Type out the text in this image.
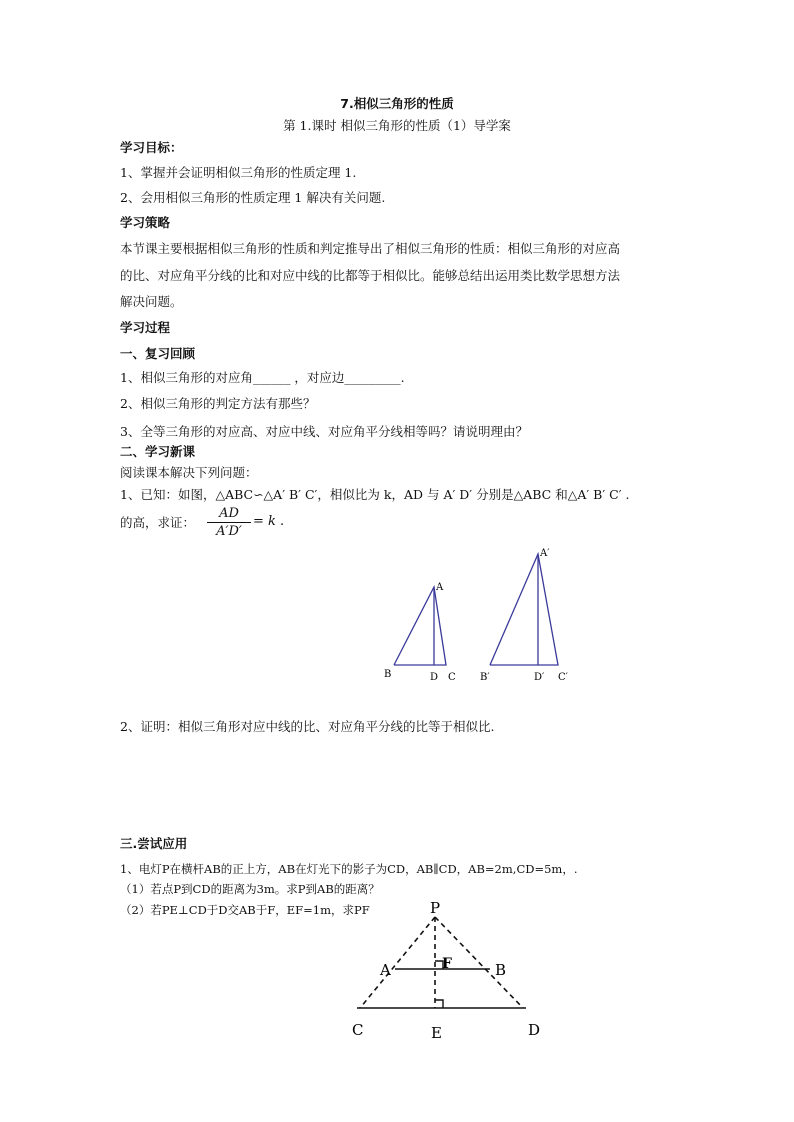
7.相似三角形的性质
第 1.课时 相似三角形的性质（1）导学案
学习目标：
1、掌握并会证明相似三角形的性质定理 1.
2、会用相似三角形的性质定理 1 解决有关问题.
学习策略
本节课主要根据相似三角形的性质和判定推导出了相似三角形的性质：相似三角形的对应高
的比、对应角平分线的比和对应中线的比都等于相似比。能够总结出运用类比数学思想方法
解决问题。
学习过程
一、复习回顾
1、相似三角形的对应角______ ，对应边_________.
2、相似三角形的判定方法有那些？
3、全等三角形的对应高、对应中线、对应角平分线相等吗？请说明理由？
二、学习新课
阅读课本解决下列问题：
1、已知：如图，△ABC∽△A′ B′ C′，相似比为 k，AD 与 A′ D′ 分别是△ABC 和△A′ B′ C′ .
的高，求证： $\frac{AD}{A'D'} = k$ .
A
B	D C
A′
B′	D′ C′
2、证明：相似三角形对应中线的比、对应角平分线的比等于相似比.
三.尝试应用
1、电灯P在横杆AB的正上方，AB在灯光下的影子为CD，AB∥CD，AB=2m,CD=5m，.
（1）若点P到CD的距离为3m。求P到AB的距离？
（2）若PE⊥CD于D交AB于F，EF=1m，求PF	P
A	F	B
C	E	D
